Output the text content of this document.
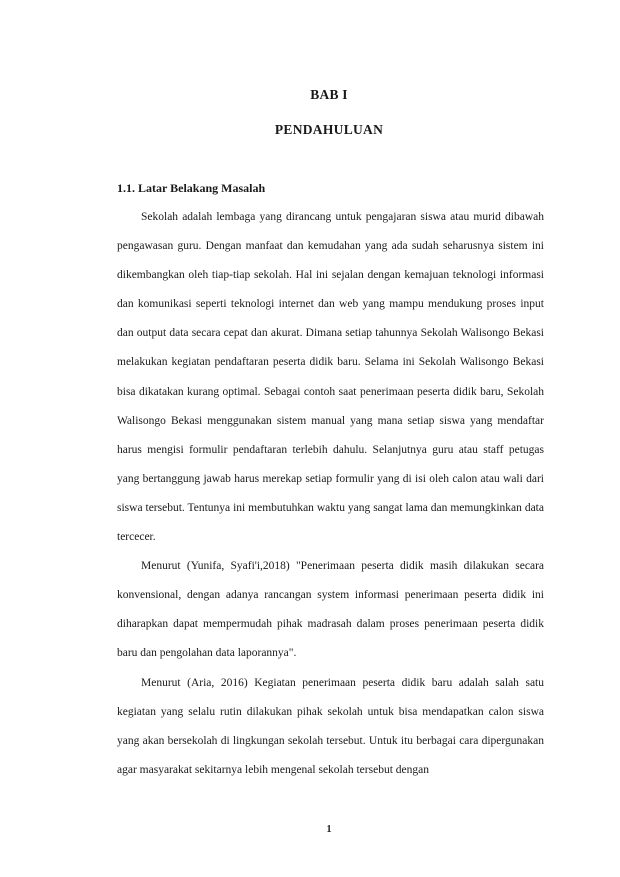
BAB I
PENDAHULUAN
1.1. Latar Belakang Masalah

Sekolah adalah lembaga yang dirancang untuk pengajaran siswa atau murid dibawah pengawasan guru. Dengan manfaat dan kemudahan yang ada sudah seharusnya sistem ini dikembangkan oleh tiap-tiap sekolah. Hal ini sejalan dengan kemajuan teknologi informasi dan komunikasi seperti teknologi internet dan web yang mampu mendukung proses input dan output data secara cepat dan akurat. Dimana setiap tahunnya Sekolah Walisongo Bekasi melakukan kegiatan pendaftaran peserta didik baru. Selama ini Sekolah Walisongo Bekasi bisa dikatakan kurang optimal. Sebagai contoh saat penerimaan peserta didik baru, Sekolah Walisongo Bekasi menggunakan sistem manual yang mana setiap siswa yang mendaftar harus mengisi formulir pendaftaran terlebih dahulu. Selanjutnya guru atau staff petugas yang bertanggung jawab harus merekap setiap formulir yang di isi oleh calon atau wali dari siswa tersebut. Tentunya ini membutuhkan waktu yang sangat lama dan memungkinkan data tercecer.

Menurut (Yunifa, Syafi'i,2018) "Penerimaan peserta didik masih dilakukan secara konvensional, dengan adanya rancangan system informasi penerimaan peserta didik ini diharapkan dapat mempermudah pihak madrasah dalam proses penerimaan peserta didik baru dan pengolahan data laporannya".

Menurut (Aria, 2016) Kegiatan penerimaan peserta didik baru adalah salah satu kegiatan yang selalu rutin dilakukan pihak sekolah untuk bisa mendapatkan calon siswa yang akan bersekolah di lingkungan sekolah tersebut. Untuk itu berbagai cara dipergunakan agar masyarakat sekitarnya lebih mengenal sekolah tersebut dengan

1
